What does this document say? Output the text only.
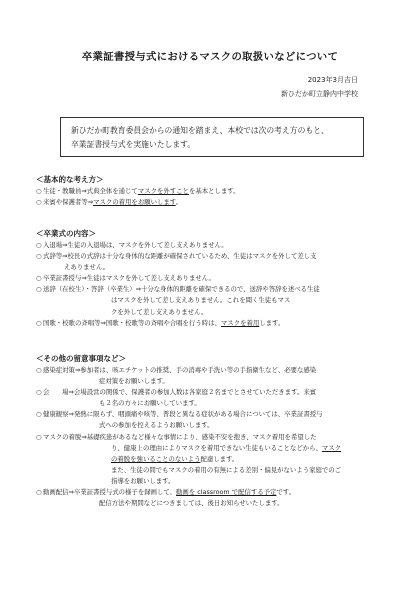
卒業証書授与式におけるマスクの取扱いなどについて
2023年3月吉日
新ひだか町立静内中学校
新ひだか町教育委員会からの通知を踏まえ、本校では次の考え方のもと、
卒業証書授与式を実施いたします。
＜基本的な考え方＞
○ 生徒・教職員⇒式典全体を通じてマスクを外すことを基本とします。
○ 来賓や保護者等⇒マスクの着用をお願いします。
＜卒業式の内容＞
○ 入退場⇒生徒の入退場は、マスクを外して差し支えありません。
○ 式辞等⇒校長の式辞は十分な身体的な距離が確保されているため、生徒はマスクを外して差し支
えありません。
○ 卒業証書授与⇒生徒はマスクを外して差し支えありません。
○ 送辞（在校生）・答辞（卒業生）⇒十分な身体的距離を確保できるので、送辞や答辞を述べる生徒
はマスクを外して差し支えありません。これを聞く生徒もマス
クを外して差し支えありません。
○ 国歌・校歌の斉唱等⇒国歌・校歌等の斉唱や合唱を行う時は、マスクを着用します。
＜その他の留意事項など＞
○ 感染症対策⇒参加者は、咳エチケットの推奨、手の消毒や手洗い等の手指衛生など、必要な感染
症対策をお願いします。
○ 会　　場⇒会場設営の関係で、保護者の参加人数は各家庭２名までとさせていただきます。来賓
も２名の方々にお願いしています。
○ 健康観察⇒発熱に限らず、咽頭痛や咳等、普段と異なる症状がある場合については、卒業証書授与
式への参加を控えるようお願いします。
○ マスクの着脱⇒基礎疾患があるなど様々な事情により、感染不安を抱き、マスク着用を希望した
り、健康上の理由によりマスクを着用できない生徒もいることなどから、マスク
の着脱を強いることのないよう配慮します。
また、生徒の間でもマスクの着用の有無による差別・偏見がないよう家庭でのご
指導をお願いします。
○ 動画配信⇒卒業証書授与式の様子を録画して、動画を classroom で配信する予定です。
配信方法や期間などにつきましては、後日お知らせいたします。
